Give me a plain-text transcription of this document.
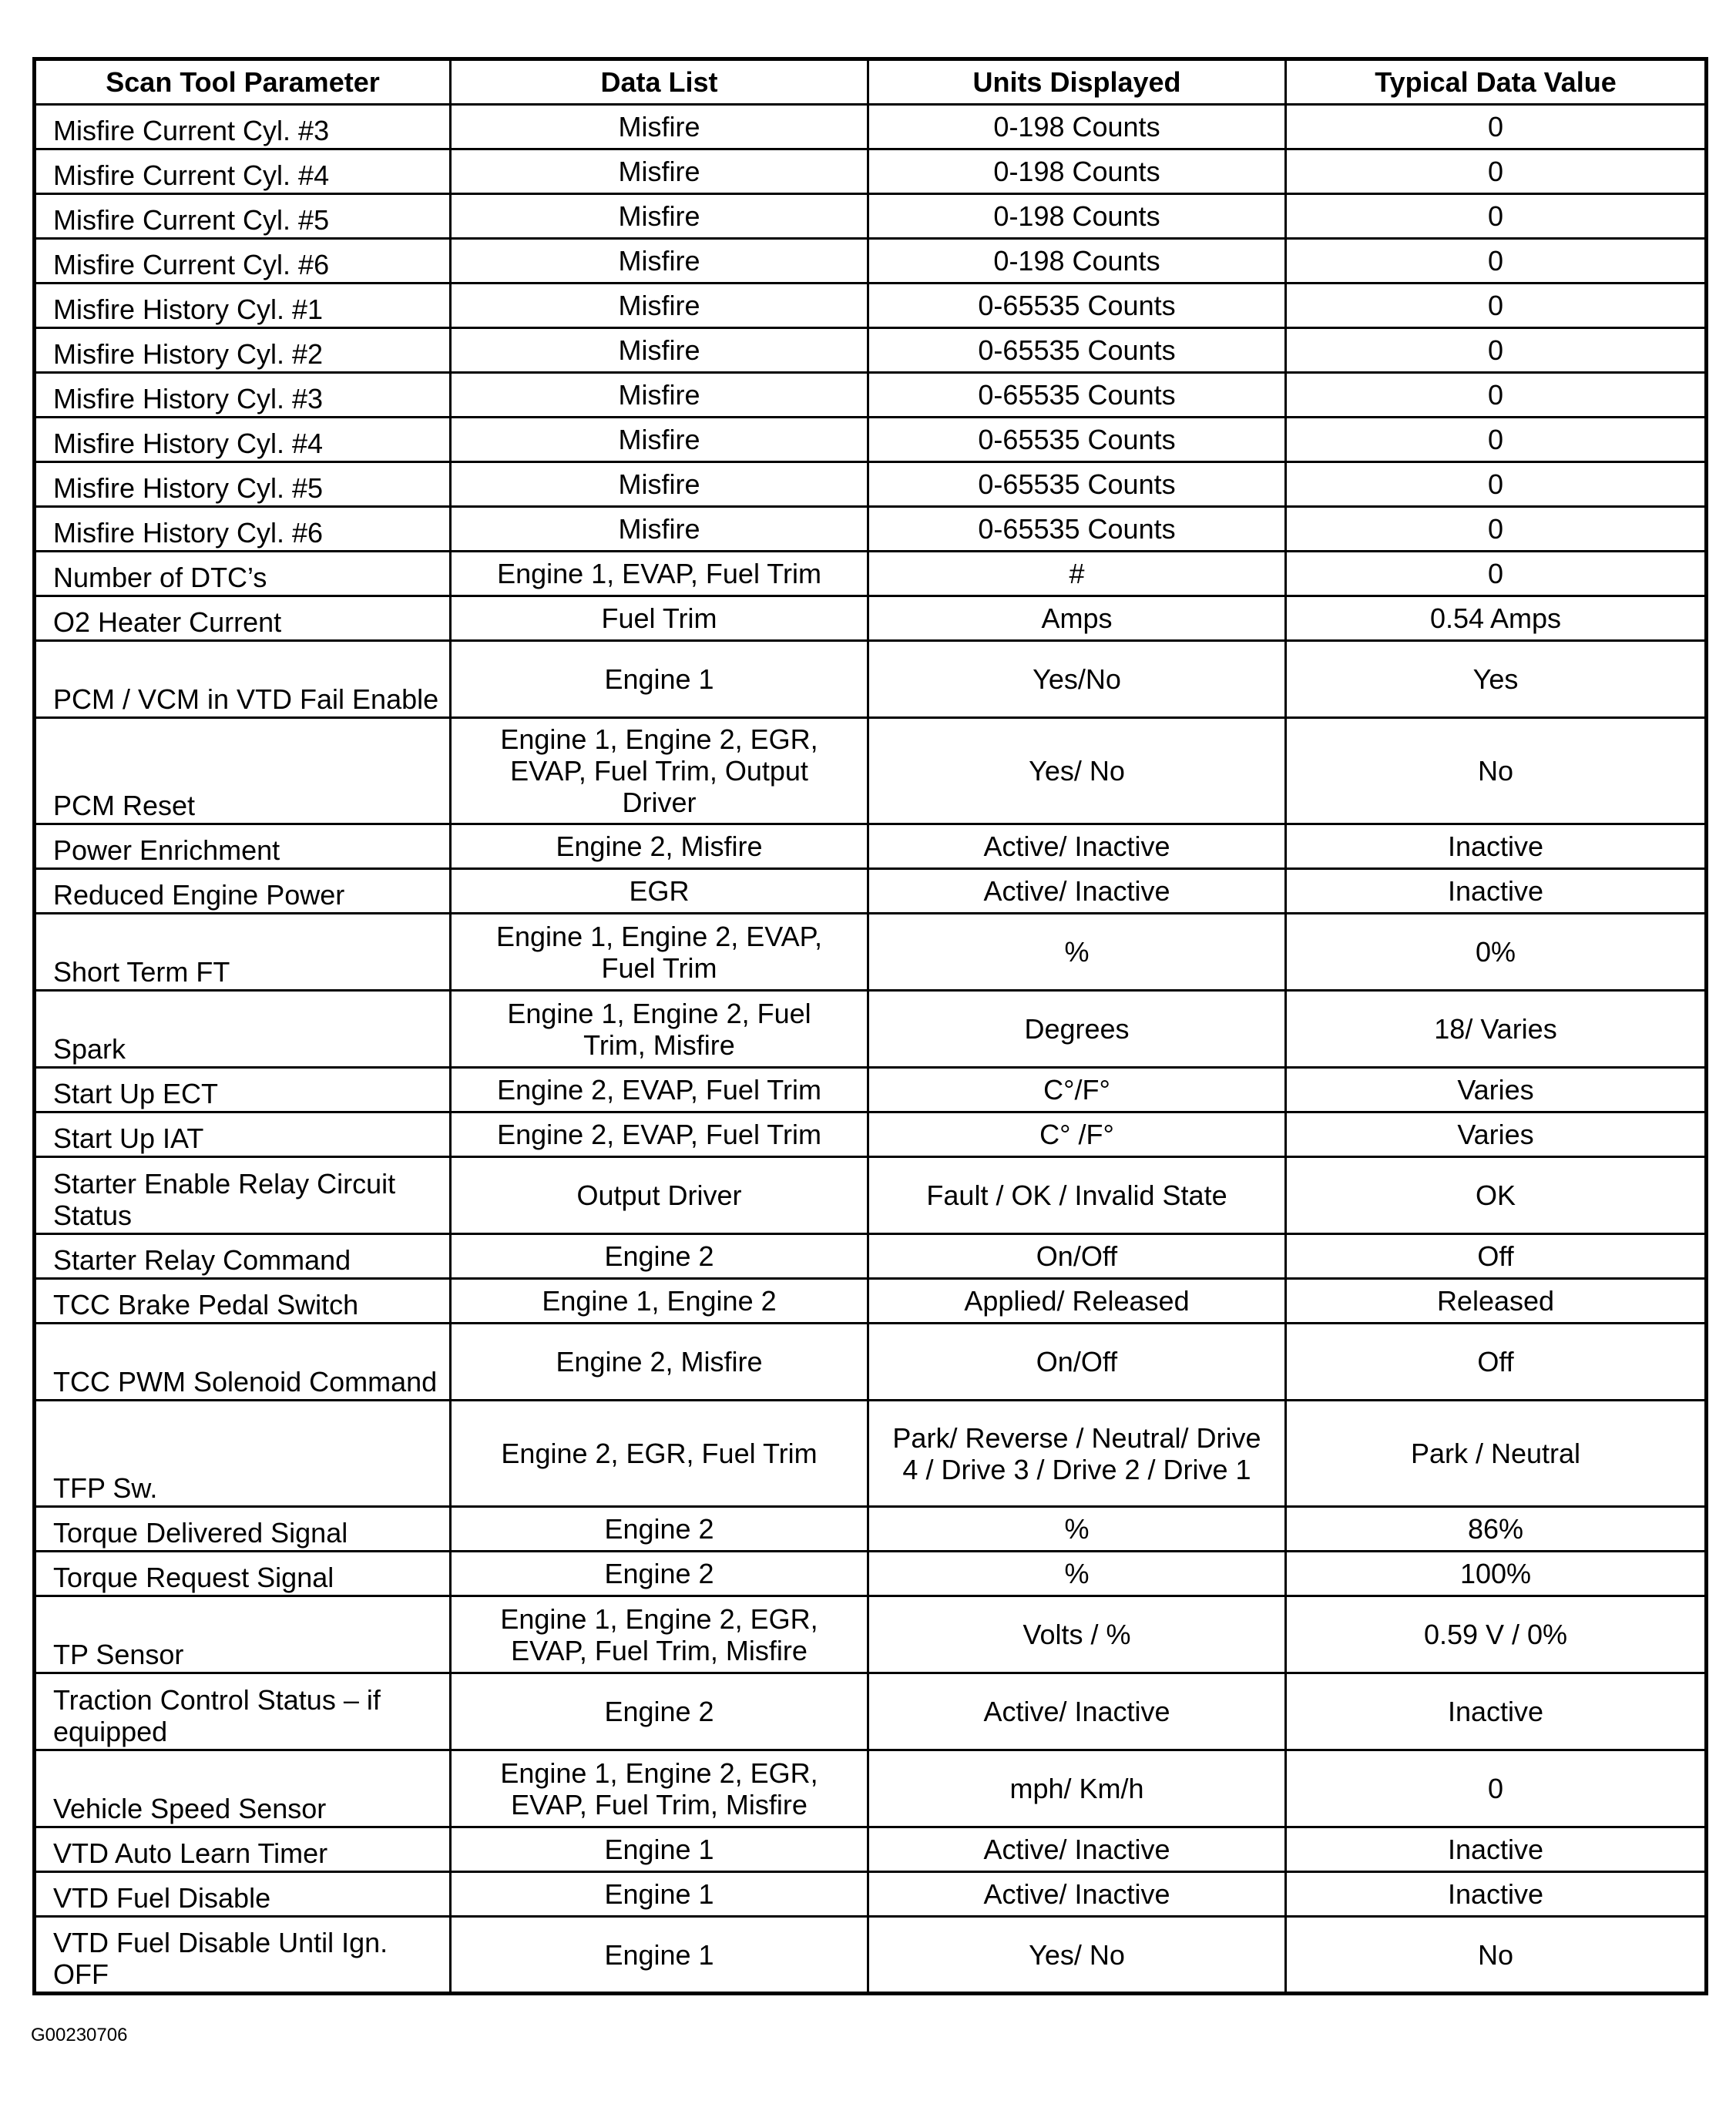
Scan Tool Parameter	Data List	Units Displayed	Typical Data Value
Misfire Current Cyl. #3	Misfire	0-198 Counts	0
Misfire Current Cyl. #4	Misfire	0-198 Counts	0
Misfire Current Cyl. #5	Misfire	0-198 Counts	0
Misfire Current Cyl. #6	Misfire	0-198 Counts	0
Misfire History Cyl. #1	Misfire	0-65535 Counts	0
Misfire History Cyl. #2	Misfire	0-65535 Counts	0
Misfire History Cyl. #3	Misfire	0-65535 Counts	0
Misfire History Cyl. #4	Misfire	0-65535 Counts	0
Misfire History Cyl. #5	Misfire	0-65535 Counts	0
Misfire History Cyl. #6	Misfire	0-65535 Counts	0
Number of DTC’s	Engine 1, EVAP, Fuel Trim	#	0
O2 Heater Current	Fuel Trim	Amps	0.54 Amps
PCM / VCM in VTD Fail Enable	Engine 1	Yes/No	Yes
PCM Reset	Engine 1, Engine 2, EGR, EVAP, Fuel Trim, Output Driver	Yes/ No	No
Power Enrichment	Engine 2, Misfire	Active/ Inactive	Inactive
Reduced Engine Power	EGR	Active/ Inactive	Inactive
Short Term FT	Engine 1, Engine 2, EVAP, Fuel Trim	%	0%
Spark	Engine 1, Engine 2, Fuel Trim, Misfire	Degrees	18/ Varies
Start Up ECT	Engine 2, EVAP, Fuel Trim	C°/F°	Varies
Start Up IAT	Engine 2, EVAP, Fuel Trim	C° /F°	Varies
Starter Enable Relay Circuit Status	Output Driver	Fault / OK / Invalid State	OK
Starter Relay Command	Engine 2	On/Off	Off
TCC Brake Pedal Switch	Engine 1, Engine 2	Applied/ Released	Released
TCC PWM Solenoid Command	Engine 2, Misfire	On/Off	Off
TFP Sw.	Engine 2, EGR, Fuel Trim	Park/ Reverse / Neutral/ Drive 4 / Drive 3 / Drive 2 / Drive 1	Park / Neutral
Torque Delivered Signal	Engine 2	%	86%
Torque Request Signal	Engine 2	%	100%
TP Sensor	Engine 1, Engine 2, EGR, EVAP, Fuel Trim, Misfire	Volts / %	0.59 V / 0%
Traction Control Status – if equipped	Engine 2	Active/ Inactive	Inactive
Vehicle Speed Sensor	Engine 1, Engine 2, EGR, EVAP, Fuel Trim, Misfire	mph/ Km/h	0
VTD Auto Learn Timer	Engine 1	Active/ Inactive	Inactive
VTD Fuel Disable	Engine 1	Active/ Inactive	Inactive
VTD Fuel Disable Until Ign. OFF	Engine 1	Yes/ No	No
G00230706
